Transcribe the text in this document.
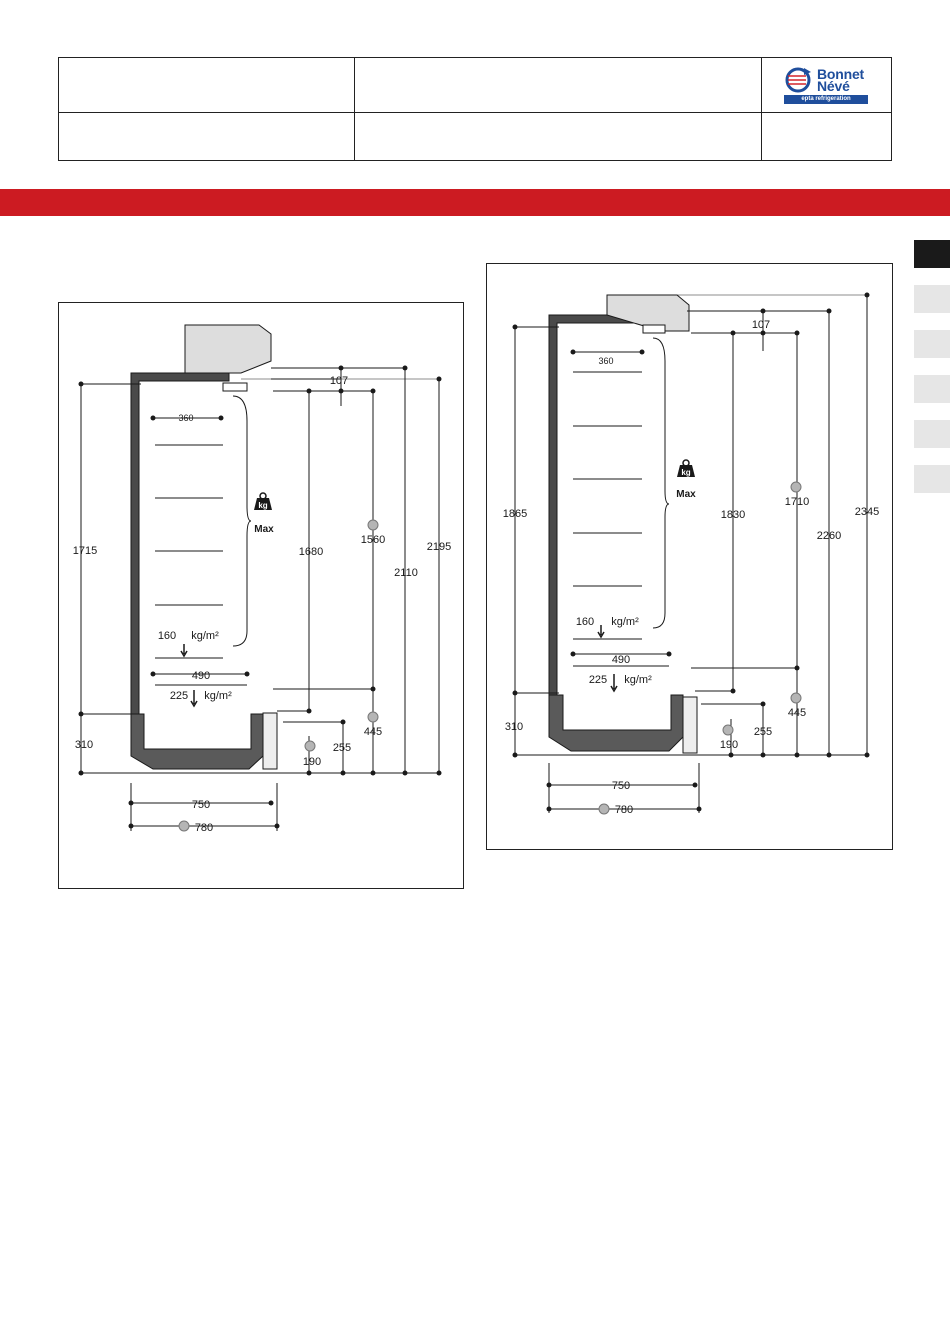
Bonnet
Névé
epta refrigeration
kg
Max
107
360
1715	1680
1560
2110
2195
160 kg/m²
490
225 kg/m²
310
190
255
445
750
780
kg
Max
107
360
1865	1830
1710
2260
2345
160 kg/m²
490
225 kg/m²
310
190
255
445
750
780
